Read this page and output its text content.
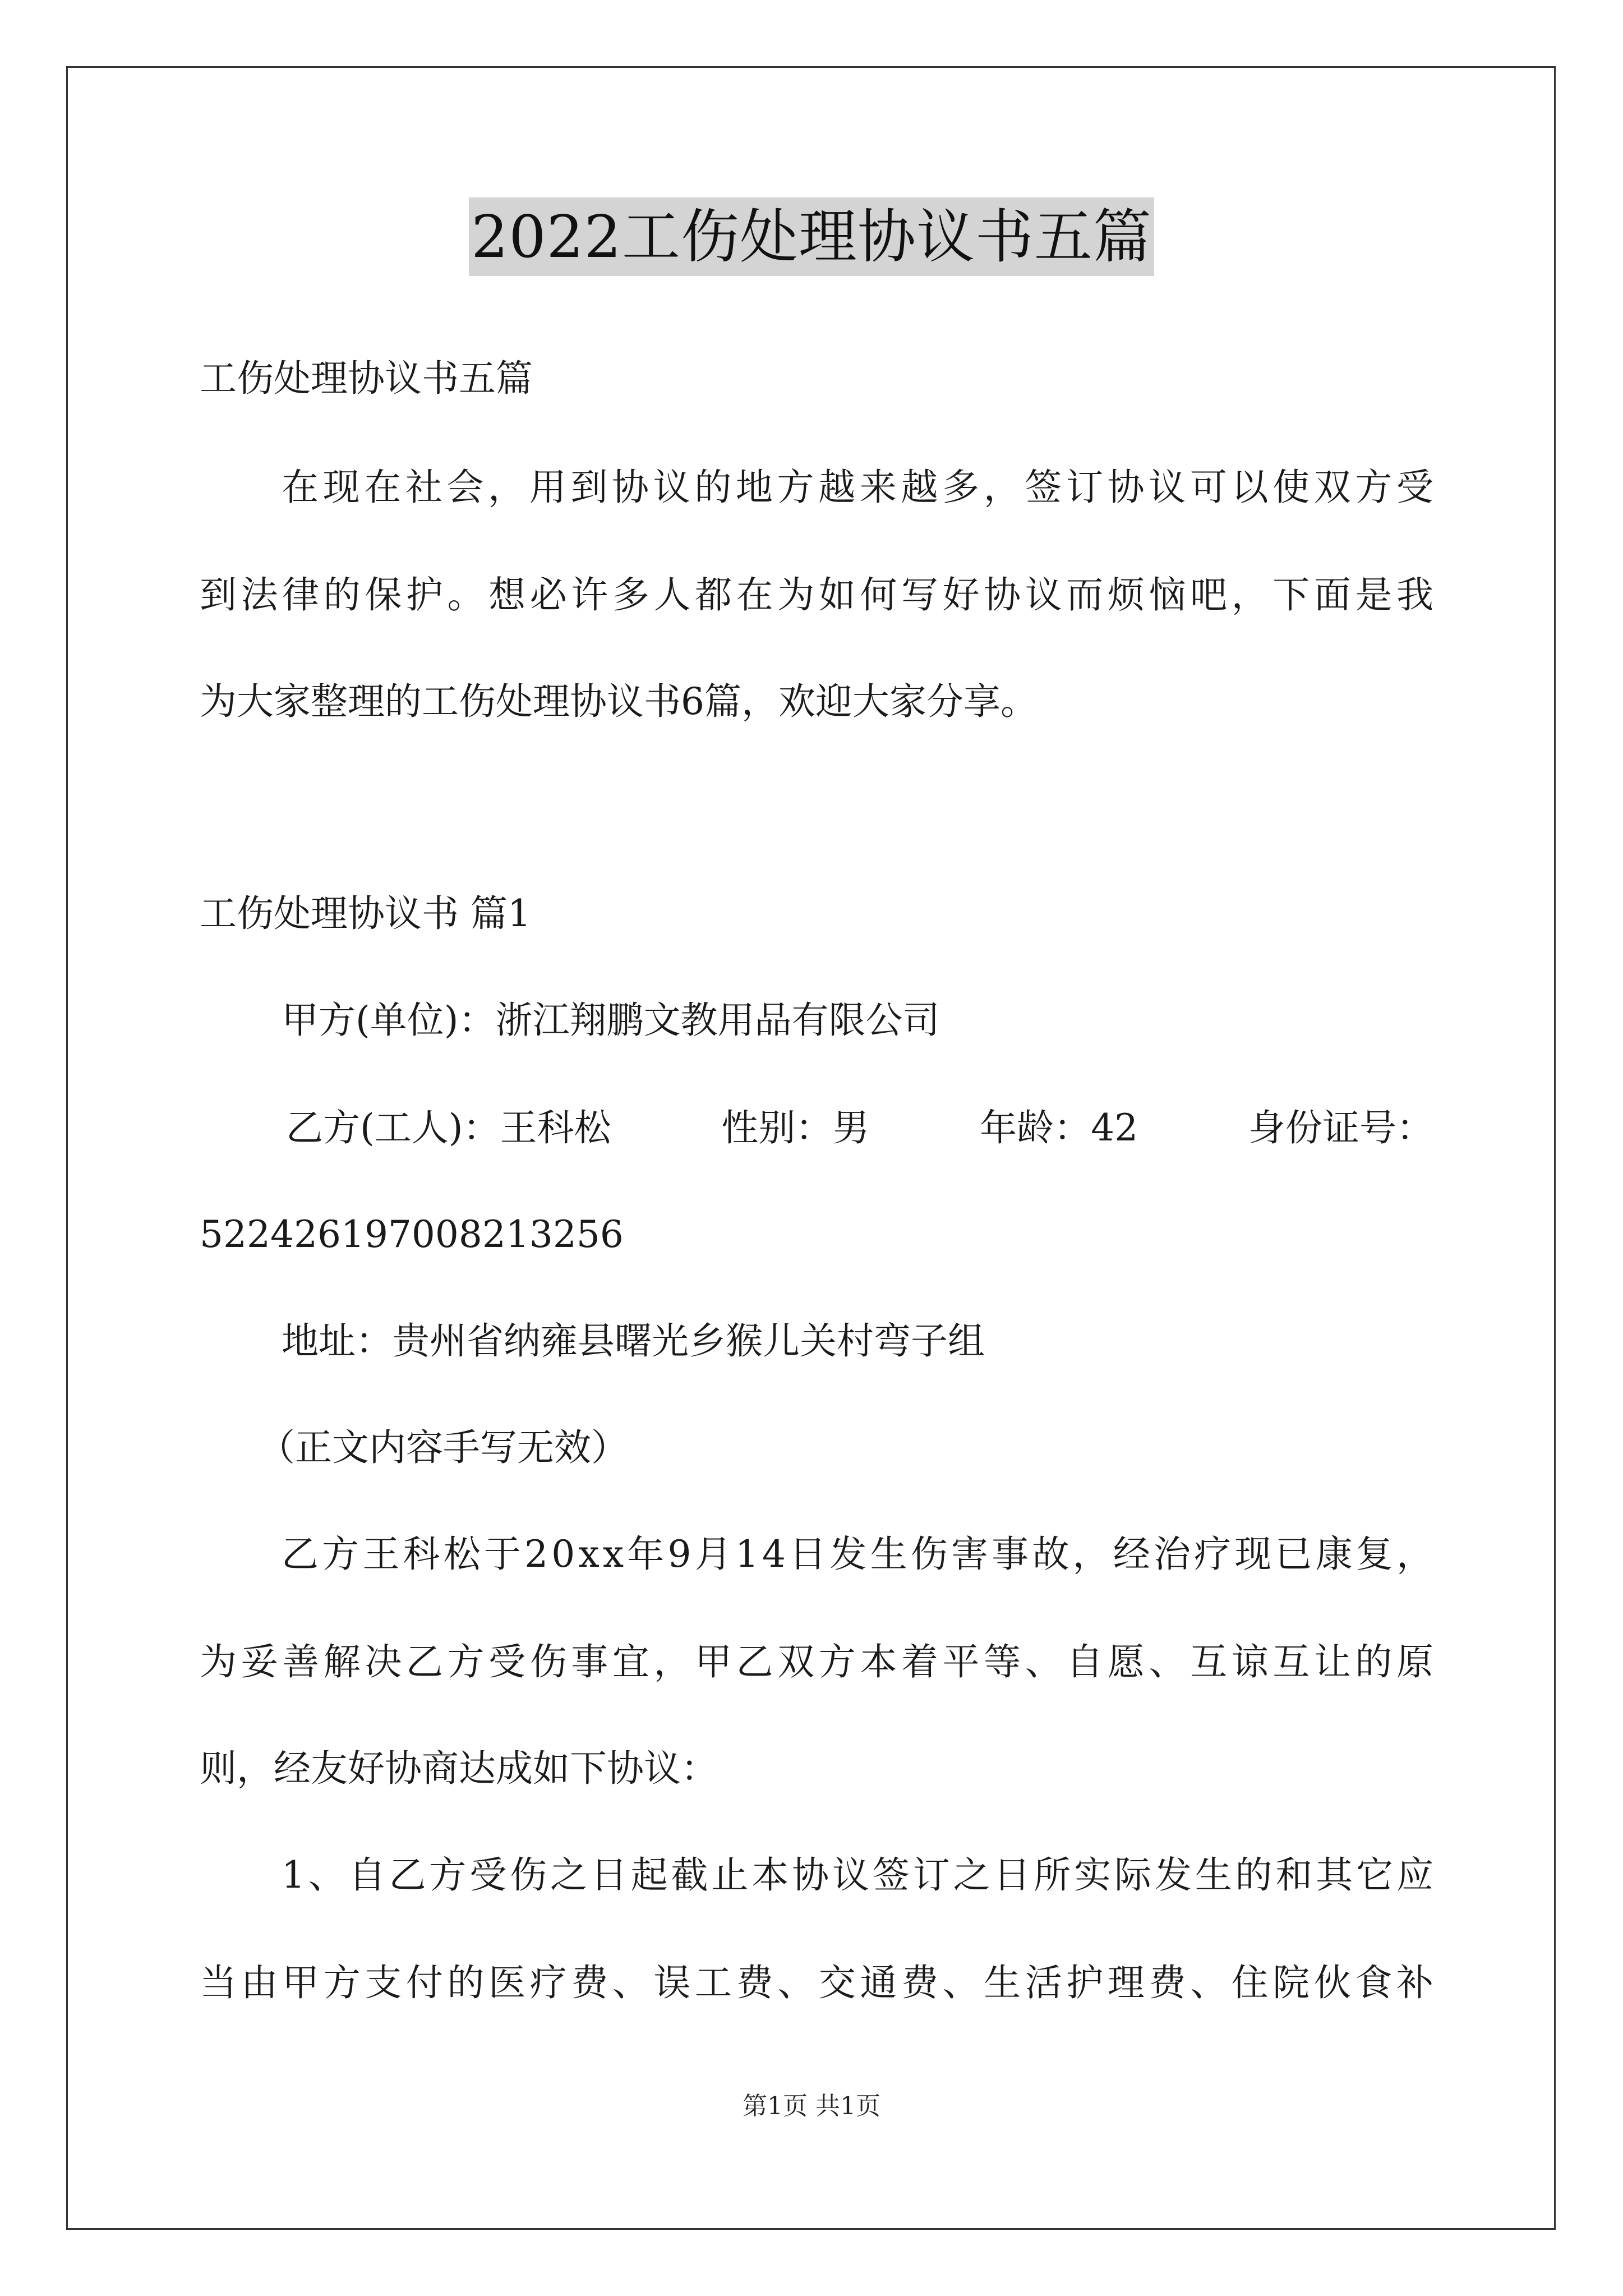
2022工伤处理协议书五篇
工伤处理协议书五篇
在现在社会，用到协议的地方越来越多，签订协议可以使双方受
到法律的保护。想必许多人都在为如何写好协议而烦恼吧，下面是我
为大家整理的工伤处理协议书6篇，欢迎大家分享。
工伤处理协议书 篇1
甲方(单位)：浙江翔鹏文教用品有限公司
乙方(工人)：王科松	性别：男	年龄：42	身份证号：
522426197008213256
地址：贵州省纳雍县曙光乡猴儿关村弯子组
（正文内容手写无效）
乙方王科松于20xx年9月14日发生伤害事故，经治疗现已康复，
为妥善解决乙方受伤事宜，甲乙双方本着平等、自愿、互谅互让的原
则，经友好协商达成如下协议：
1、自乙方受伤之日起截止本协议签订之日所实际发生的和其它应
当由甲方支付的医疗费、误工费、交通费、生活护理费、住院伙食补
第1页 共1页
